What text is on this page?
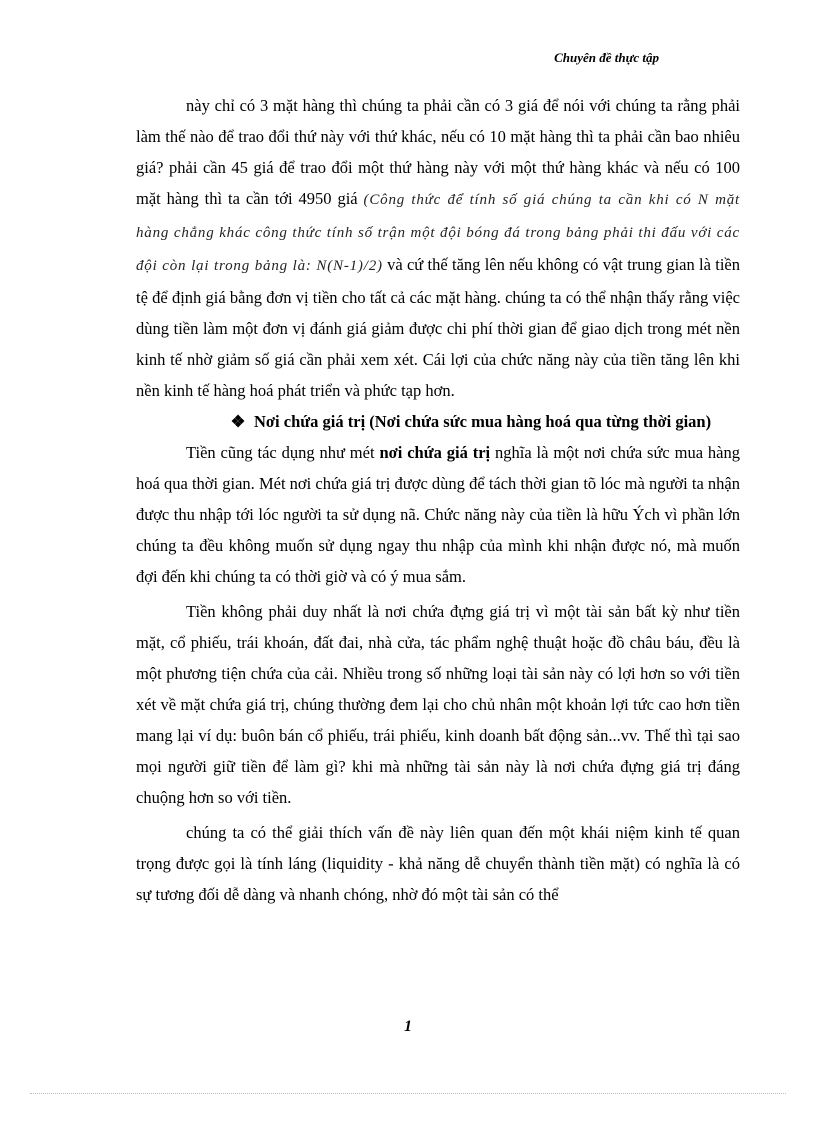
Chuyên đề thực tập

này chỉ có 3 mặt hàng thì chúng ta phải cần có 3 giá để nói với chúng ta rằng phải làm thế nào để trao đổi thứ này với thứ khác, nếu có 10 mặt hàng thì ta phải cần bao nhiêu giá? phải cần 45 giá để trao đổi một thứ hàng này với một thứ hàng khác và nếu có 100 mặt hàng thì ta cần tới 4950 giá (Công thức để tính số giá chúng ta cần khi có N mặt hàng chẳng khác công thức tính số trận một đội bóng đá trong bảng phải thi đấu với các đội còn lại trong bảng là: N(N-1)/2) và cứ thế tăng lên nếu không có vật trung gian là tiền tệ để định giá bằng đơn vị tiền cho tất cả các mặt hàng. chúng ta có thể nhận thấy rằng việc dùng tiền làm một đơn vị đánh giá giảm được chi phí thời gian để giao dịch trong mét nền kinh tế nhờ giảm số giá cần phải xem xét. Cái lợi của chức năng này của tiền tăng lên khi nền kinh tế hàng hoá phát triển và phức tạp hơn.

❖ Nơi chứa giá trị (Nơi chứa sức mua hàng hoá qua từng thời gian)

Tiền cũng tác dụng như mét nơi chứa giá trị nghĩa là một nơi chứa sức mua hàng hoá qua thời gian. Mét nơi chứa giá trị được dùng để tách thời gian tõ lóc mà người ta nhận được thu nhập tới lóc người ta sử dụng nã. Chức năng này của tiền là hữu Ých vì phần lớn chúng ta đều không muốn sử dụng ngay thu nhập của mình khi nhận được nó, mà muốn đợi đến khi chúng ta có thời giờ và có ý mua sắm.

Tiền không phải duy nhất là nơi chứa đựng giá trị vì một tài sản bất kỳ như tiền mặt, cổ phiếu, trái khoán, đất đai, nhà cửa, tác phẩm nghệ thuật hoặc đồ châu báu, đều là một phương tiện chứa của cải. Nhiều trong số những loại tài sản này có lợi hơn so với tiền xét về mặt chứa giá trị, chúng thường đem lại cho chủ nhân một khoản lợi tức cao hơn tiền mang lại ví dụ: buôn bán cổ phiếu, trái phiếu, kinh doanh bất động sản...vv. Thế thì tại sao mọi người giữ tiền để làm gì? khi mà những tài sản này là nơi chứa đựng giá trị đáng chuộng hơn so với tiền.

chúng ta có thể giải thích vấn đề này liên quan đến một khái niệm kinh tế quan trọng được gọi là tính láng (liquidity - khả năng dễ chuyển thành tiền mặt) có nghĩa là có sự tương đối dễ dàng và nhanh chóng, nhờ đó một tài sản có thể

1
